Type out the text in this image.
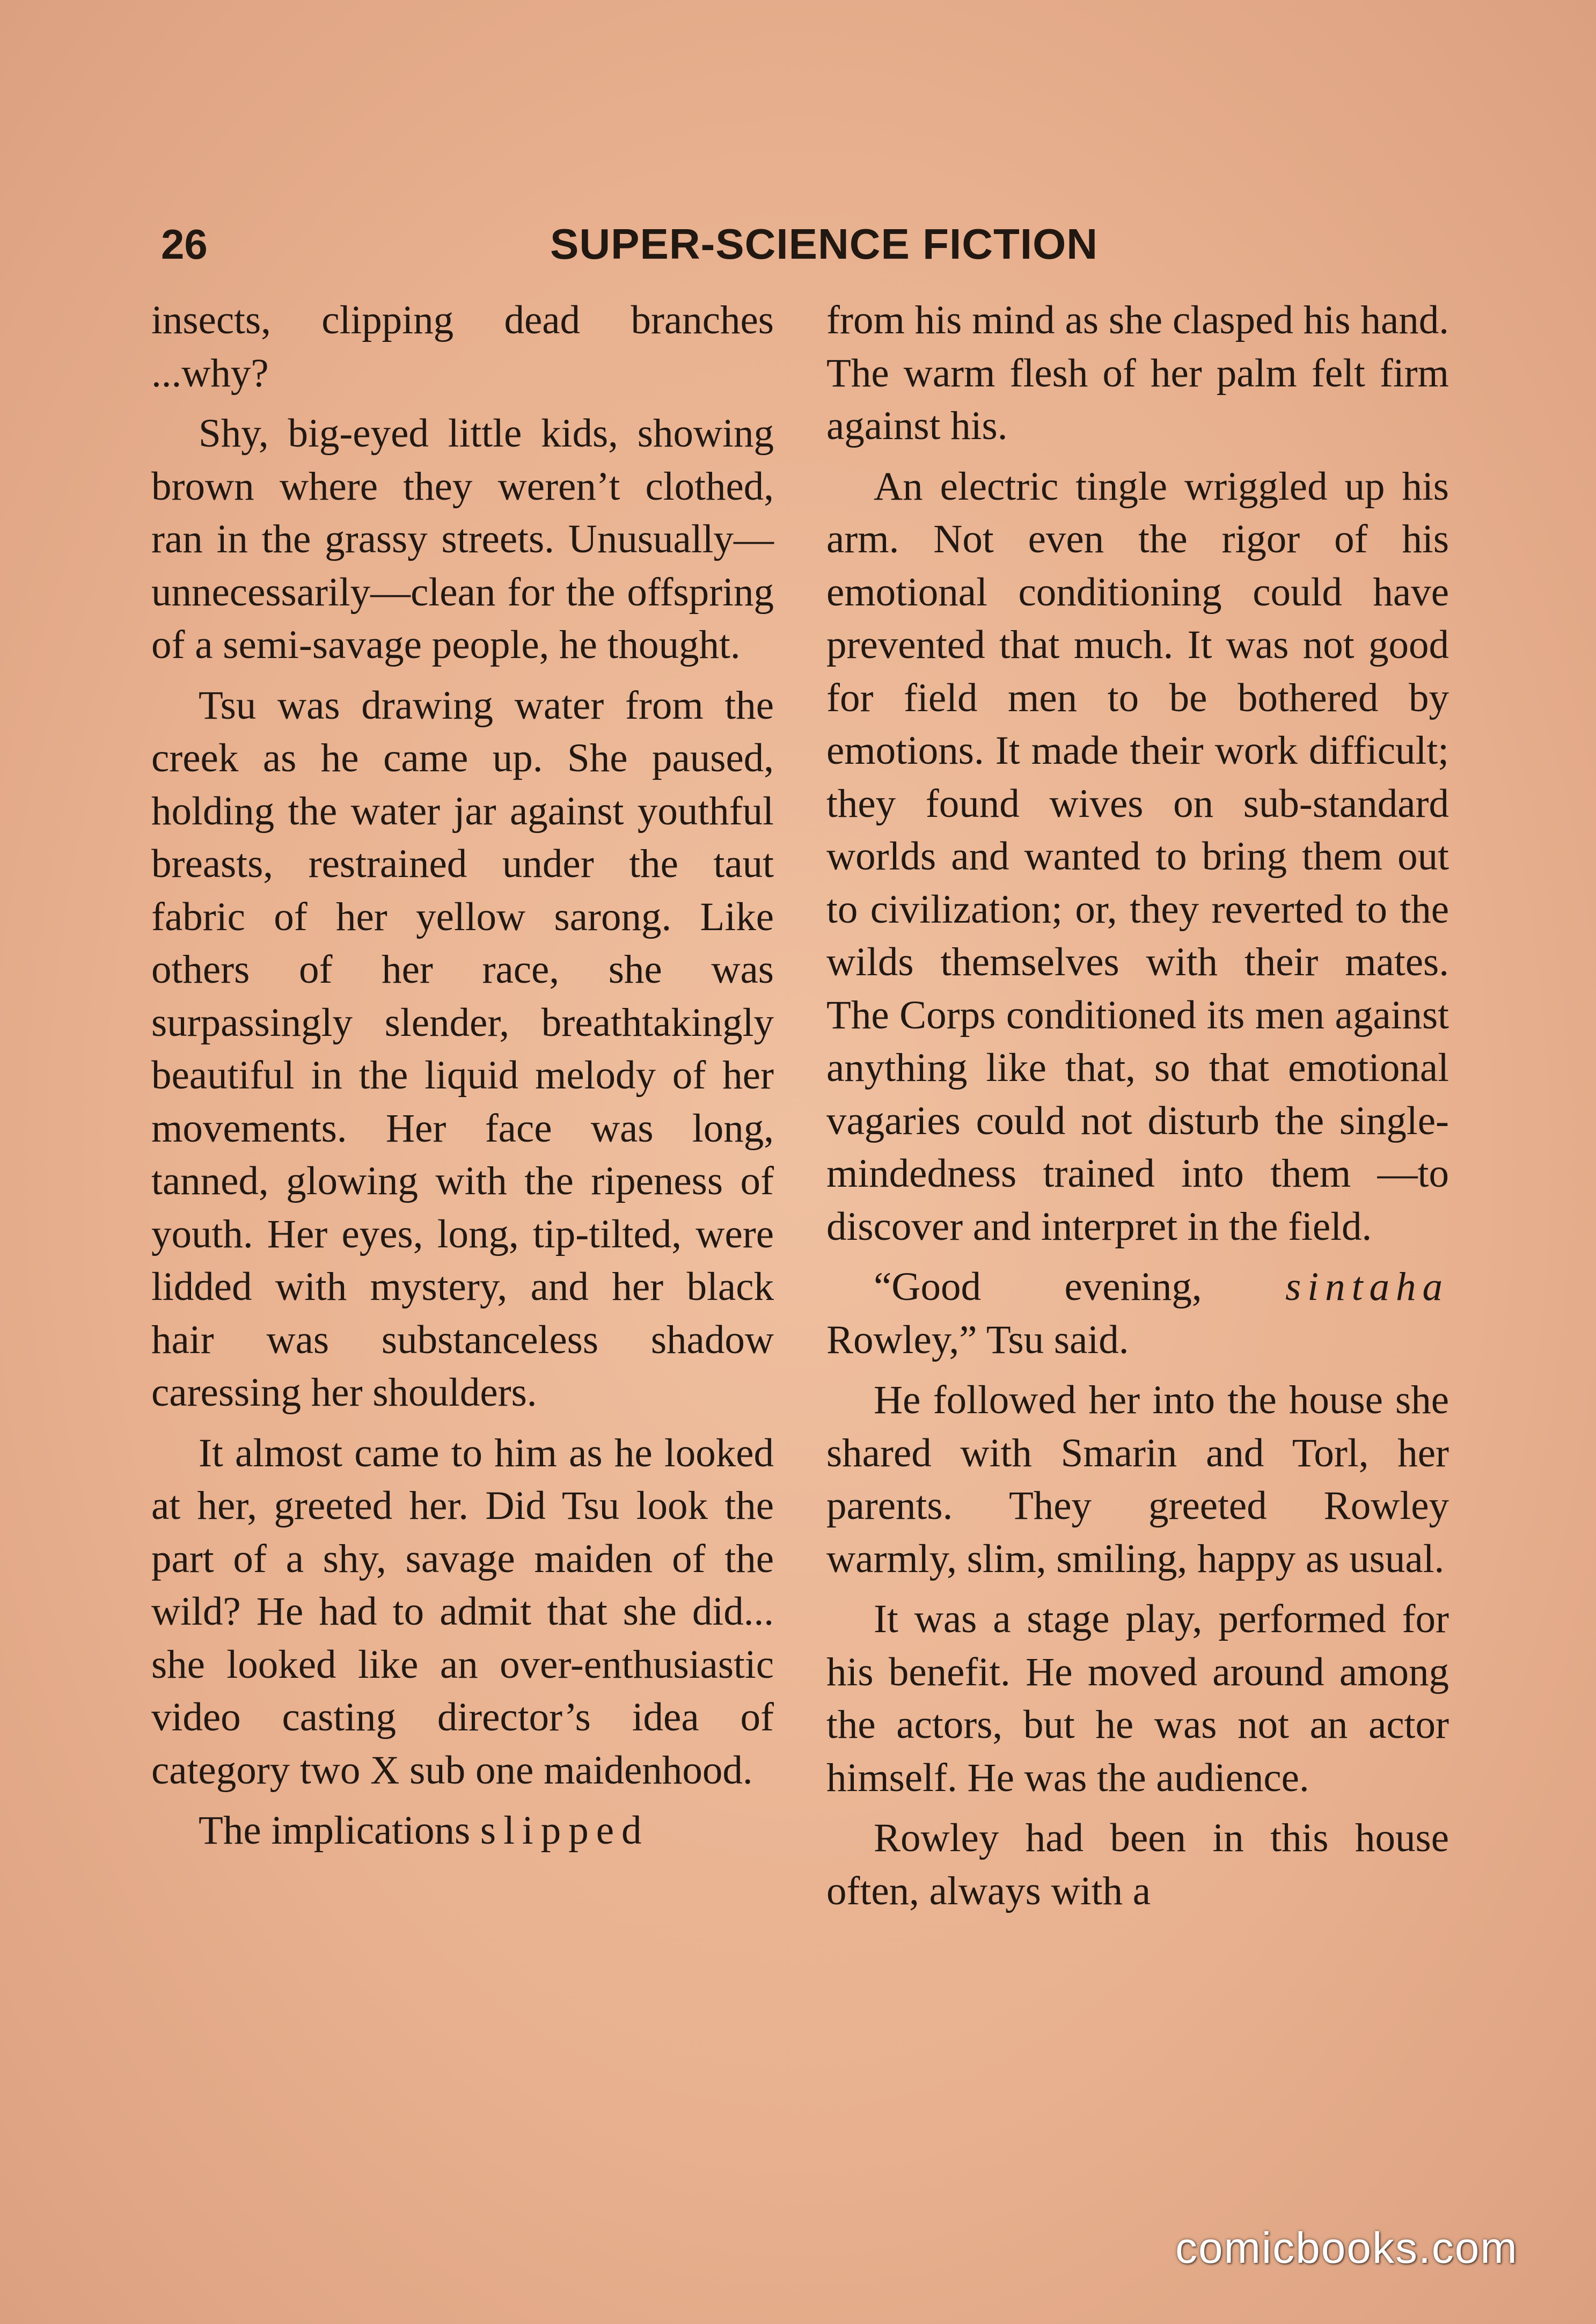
26	SUPER-SCIENCE FICTION

insects, clipping dead branches ...why?

Shy, big-eyed little kids, showing brown where they weren’t clothed, ran in the grassy streets. Unusually—unnecessarily—clean for the offspring of a semi-savage people, he thought.

Tsu was drawing water from the creek as he came up. She paused, holding the water jar against youthful breasts, restrained under the taut fabric of her yellow sarong. Like others of her race, she was surpassingly slender, breathtakingly beautiful in the liquid melody of her movements. Her face was long, tanned, glowing with the ripeness of youth. Her eyes, long, tip-tilted, were lidded with mystery, and her black hair was substanceless shadow caressing her shoulders.

It almost came to him as he looked at her, greeted her. Did Tsu look the part of a shy, savage maiden of the wild? He had to admit that she did... she looked like an over-enthusiastic video casting director’s idea of category two X sub one maidenhood.

The implications slipped

from his mind as she clasped his hand. The warm flesh of her palm felt firm against his.

An electric tingle wriggled up his arm. Not even the rigor of his emotional conditioning could have prevented that much. It was not good for field men to be bothered by emotions. It made their work difficult; they found wives on sub-standard worlds and wanted to bring them out to civilization; or, they reverted to the wilds themselves with their mates. The Corps conditioned its men against anything like that, so that emotional vagaries could not disturb the single-mindedness trained into them —to discover and interpret in the field.

“Good evening, sintaha Rowley,” Tsu said.

He followed her into the house she shared with Smarin and Torl, her parents. They greeted Rowley warmly, slim, smiling, happy as usual.

It was a stage play, performed for his benefit. He moved around among the actors, but he was not an actor himself. He was the audience.

Rowley had been in this house often, always with a

comicbooks.com
